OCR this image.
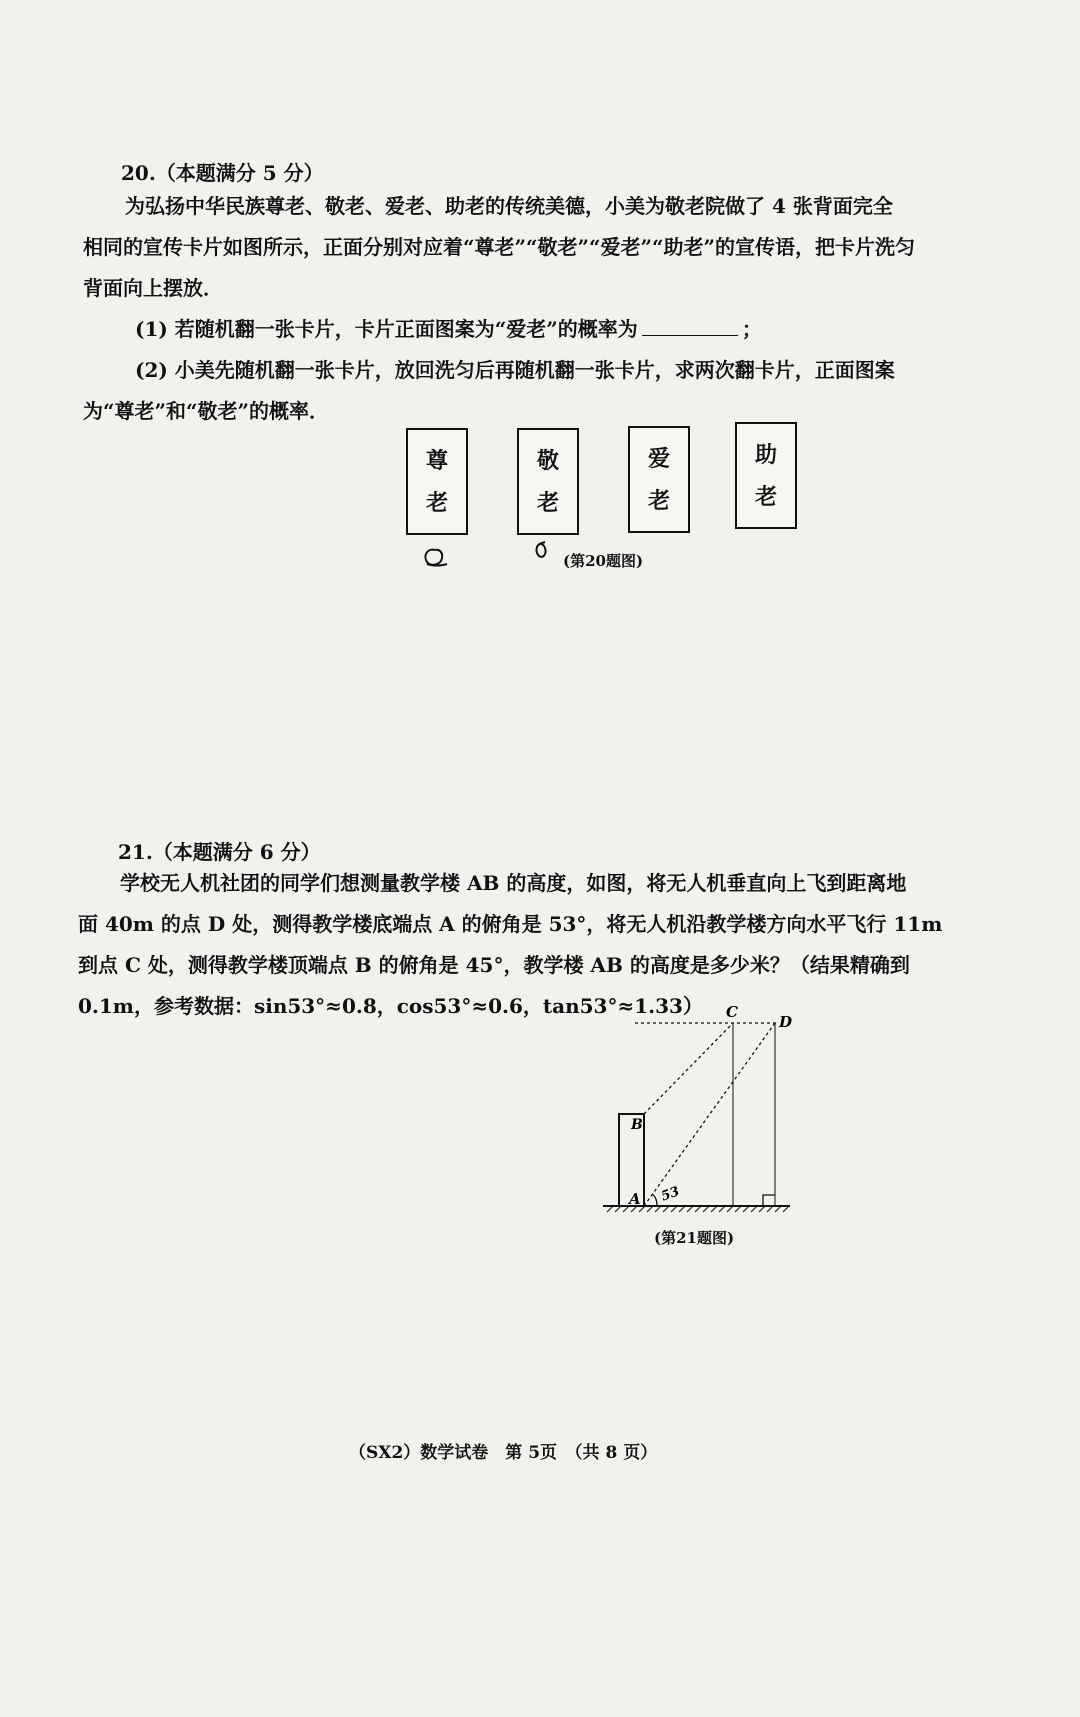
20.（本题满分 5 分）
为弘扬中华民族尊老、敬老、爱老、助老的传统美德，小美为敬老院做了 4 张背面完全
相同的宣传卡片如图所示，正面分别对应着“尊老”“敬老”“爱老”“助老”的宣传语，把卡片洗匀
背面向上摆放．
(1) 若随机翻一张卡片，卡片正面图案为“爱老”的概率为	；
(2) 小美先随机翻一张卡片，放回洗匀后再随机翻一张卡片，求两次翻卡片，正面图案
为“尊老”和“敬老”的概率．
尊
老
敬
老
爱
老
助
老
(第20题图)
21.（本题满分 6 分）
学校无人机社团的同学们想测量教学楼 AB 的高度，如图，将无人机垂直向上飞到距离地
面 40m 的点 D 处，测得教学楼底端点 A 的俯角是 53°，将无人机沿教学楼方向水平飞行 11m
到点 C 处，测得教学楼顶端点 B 的俯角是 45°，教学楼 AB 的高度是多少米？（结果精确到
0.1m，参考数据：sin53°≈0.8，cos53°≈0.6，tan53°≈1.33）	C
D
B
A 53
(第21题图)
（SX2）数学试卷　第 5页　（共 8 页）
